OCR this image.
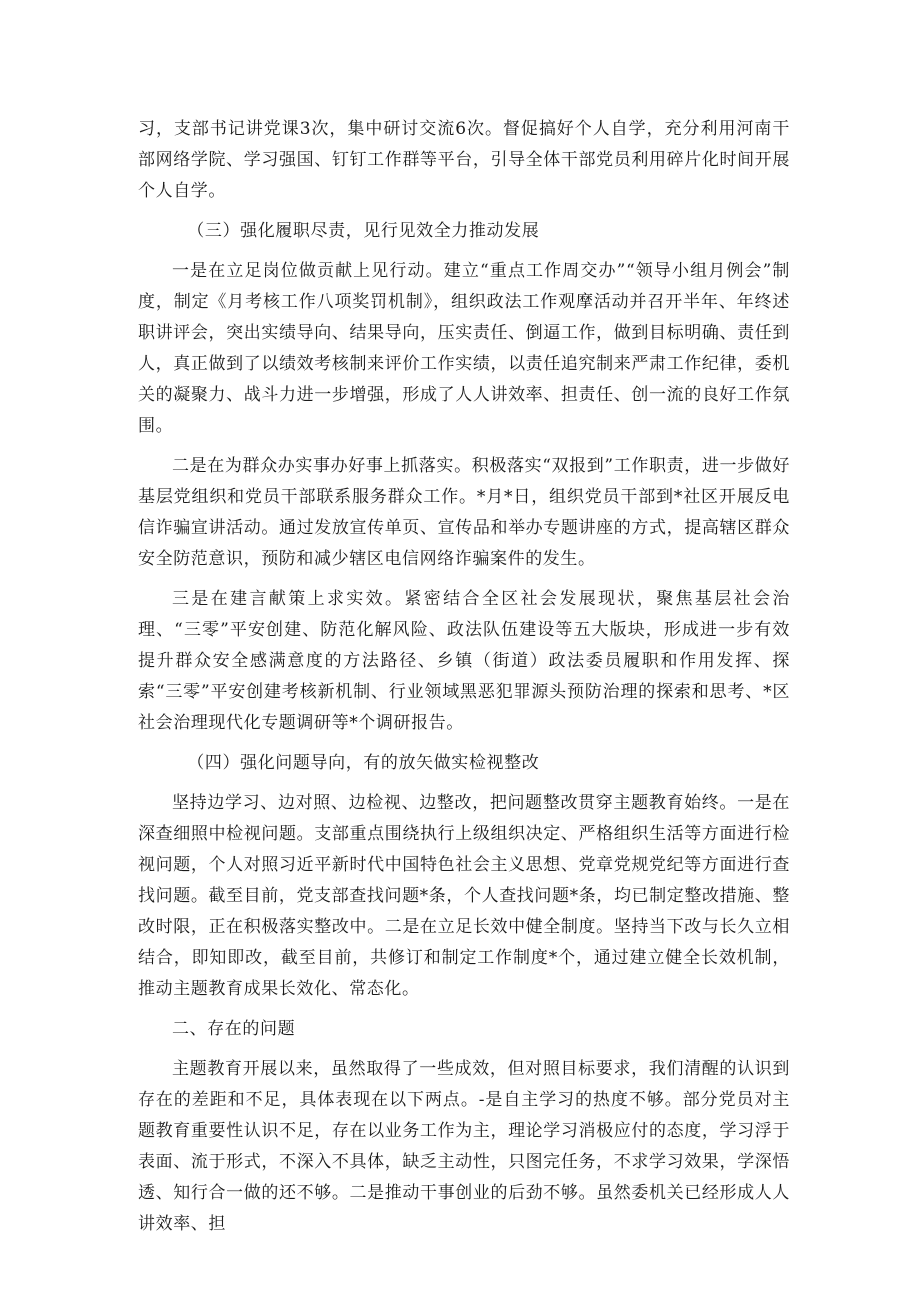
习，支部书记讲党课3次，集中研讨交流6次。督促搞好个人自学，充分利用河南干部网络学院、学习强国、钉钉工作群等平台，引导全体干部党员利用碎片化时间开展个人自学。

（三）强化履职尽责，见行见效全力推动发展

一是在立足岗位做贡献上见行动。建立“重点工作周交办”“领导小组月例会”制度，制定《月考核工作八项奖罚机制》，组织政法工作观摩活动并召开半年、年终述职讲评会，突出实绩导向、结果导向，压实责任、倒逼工作，做到目标明确、责任到人，真正做到了以绩效考核制来评价工作实绩，以责任追究制来严肃工作纪律，委机关的凝聚力、战斗力进一步增强，形成了人人讲效率、担责任、创一流的良好工作氛围。

二是在为群众办实事办好事上抓落实。积极落实“双报到”工作职责，进一步做好基层党组织和党员干部联系服务群众工作。*月*日，组织党员干部到*社区开展反电信诈骗宣讲活动。通过发放宣传单页、宣传品和举办专题讲座的方式，提高辖区群众安全防范意识，预防和减少辖区电信网络诈骗案件的发生。

三是在建言献策上求实效。紧密结合全区社会发展现状，聚焦基层社会治理、“三零”平安创建、防范化解风险、政法队伍建设等五大版块，形成进一步有效提升群众安全感满意度的方法路径、乡镇（街道）政法委员履职和作用发挥、探索“三零”平安创建考核新机制、行业领域黑恶犯罪源头预防治理的探索和思考、*区社会治理现代化专题调研等*个调研报告。

（四）强化问题导向，有的放矢做实检视整改

坚持边学习、边对照、边检视、边整改，把问题整改贯穿主题教育始终。一是在深查细照中检视问题。支部重点围绕执行上级组织决定、严格组织生活等方面进行检视问题，个人对照习近平新时代中国特色社会主义思想、党章党规党纪等方面进行查找问题。截至目前，党支部查找问题*条，个人查找问题*条，均已制定整改措施、整改时限，正在积极落实整改中。二是在立足长效中健全制度。坚持当下改与长久立相结合，即知即改，截至目前，共修订和制定工作制度*个，通过建立健全长效机制，推动主题教育成果长效化、常态化。

二、存在的问题

主题教育开展以来，虽然取得了一些成效，但对照目标要求，我们清醒的认识到存在的差距和不足，具体表现在以下两点。-是自主学习的热度不够。部分党员对主题教育重要性认识不足，存在以业务工作为主，理论学习消极应付的态度，学习浮于表面、流于形式，不深入不具体，缺乏主动性，只图完任务，不求学习效果，学深悟透、知行合一做的还不够。二是推动干事创业的后劲不够。虽然委机关已经形成人人讲效率、担
